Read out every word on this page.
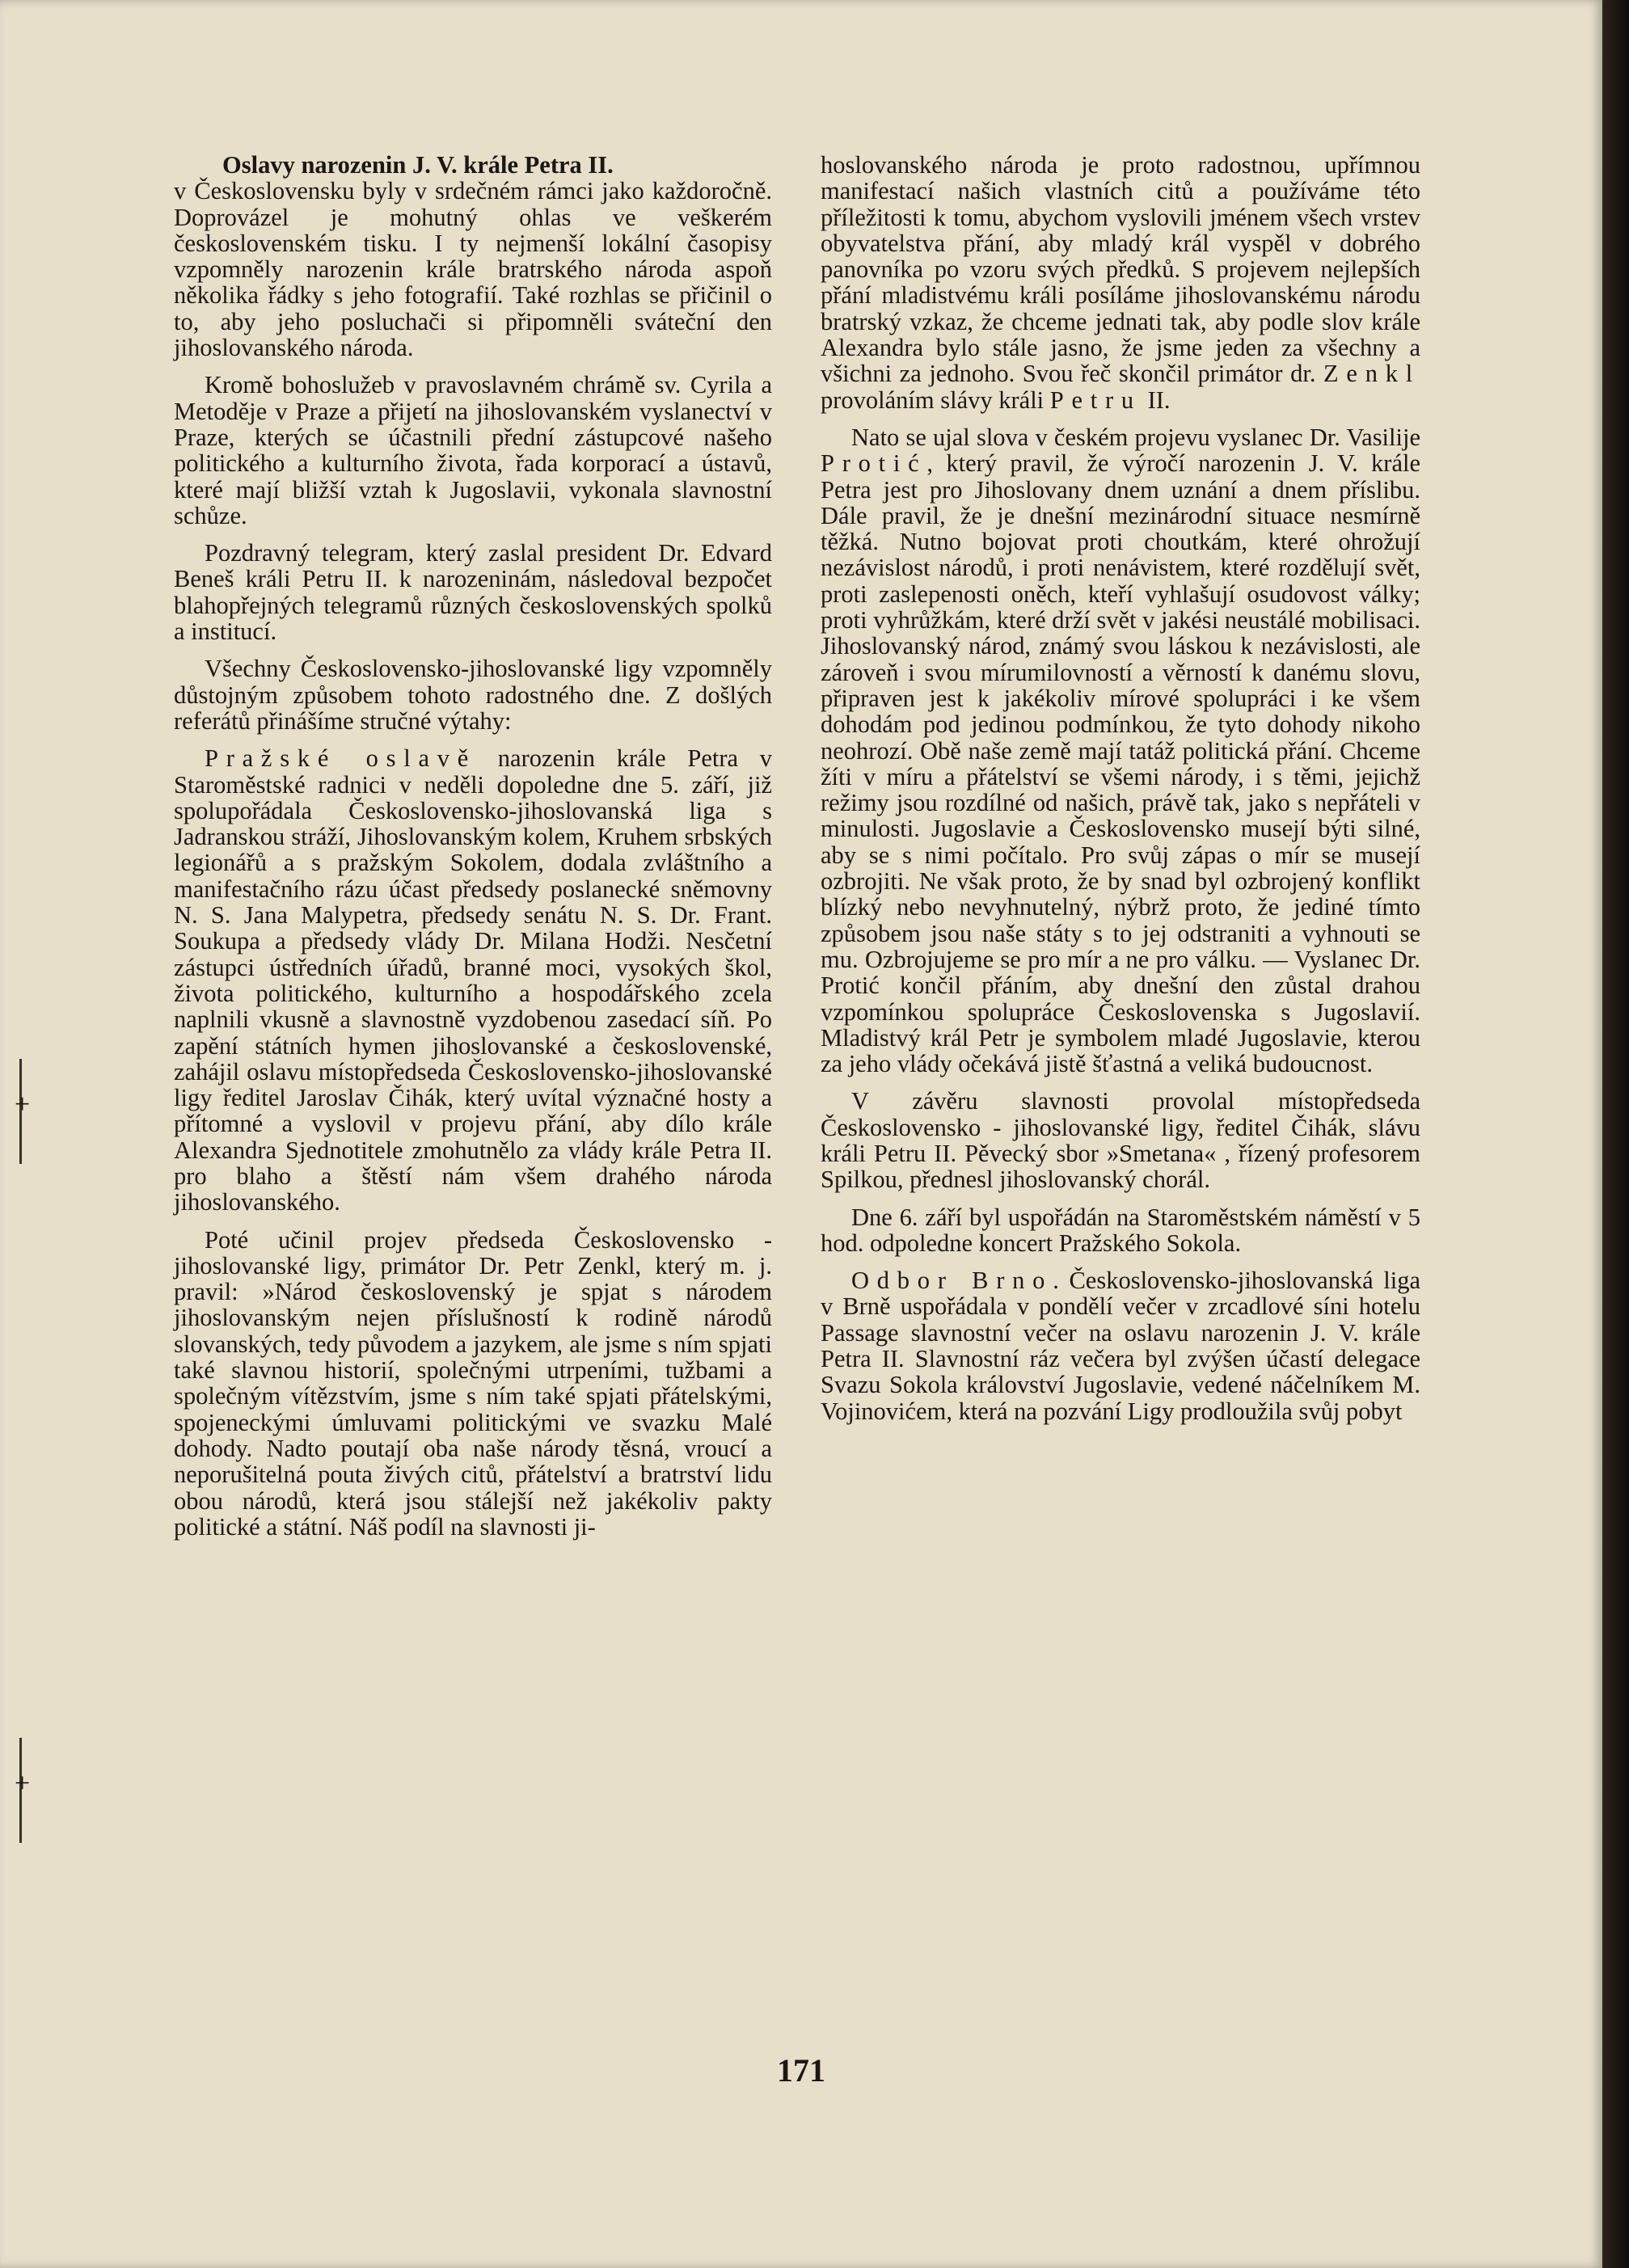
+
+

Oslavy narozenin J. V. krále Petra II.
v Československu byly v srdečném rámci jako každoročně. Doprovázel je mohutný ohlas ve veškerém československém tisku. I ty nejmenší lokální časopisy vzpomněly narozenin krále bratrského národa aspoň několika řádky s jeho fotografií. Také rozhlas se přičinil o to, aby jeho posluchači si připomněli sváteční den jihoslovanského národa.

Kromě bohoslužeb v pravoslavném chrámě sv. Cyrila a Metoděje v Praze a přijetí na jihoslovanském vyslanectví v Praze, kterých se účastnili přední zástupcové našeho politického a kulturního života, řada korporací a ústavů, které mají bližší vztah k Jugoslavii, vykonala slavnostní schůze.

Pozdravný telegram, který zaslal president Dr. Edvard Beneš králi Petru II. k narozeninám, následoval bezpočet blahopřejných telegramů různých československých spolků a institucí.

Všechny Československo-jihoslovanské ligy vzpomněly důstojným způsobem tohoto radostného dne. Z došlých referátů přinášíme stručné výtahy:

Pražské oslavě narozenin krále Petra v Staroměstské radnici v neděli dopoledne dne 5. září, již spolupořádala Československo-jihoslovanská liga s Jadranskou stráží, Jihoslovanským kolem, Kruhem srbských legionářů a s pražským Sokolem, dodala zvláštního a manifestačního rázu účast předsedy poslanecké sněmovny N. S. Jana Malypetra, předsedy senátu N. S. Dr. Frant. Soukupa a předsedy vlády Dr. Milana Hodži. Nesčetní zástupci ústředních úřadů, branné moci, vysokých škol, života politického, kulturního a hospodářského zcela naplnili vkusně a slavnostně vyzdobenou zasedací síň. Po zapění státních hymen jihoslovanské a československé, zahájil oslavu místopředseda Československo-jihoslovanské ligy ředitel Jaroslav Čihák, který uvítal význačné hosty a přítomné a vyslovil v projevu přání, aby dílo krále Alexandra Sjednotitele zmohutnělo za vlády krále Petra II. pro blaho a štěstí nám všem drahého národa jihoslovanského.

Poté učinil projev předseda Československo - jihoslovanské ligy, primátor Dr. Petr Zenkl, který m. j. pravil: »Národ československý je spjat s národem jihoslovanským nejen příslušností k rodině národů slovanských, tedy původem a jazykem, ale jsme s ním spjati také slavnou historií, společnými utrpeními, tužbami a společným vítězstvím, jsme s ním také spjati přátelskými, spojeneckými úmluvami politickými ve svazku Malé dohody. Nadto poutají oba naše národy těsná, vroucí a neporušitelná pouta živých citů, přátelství a bratrství lidu obou národů, která jsou stálejší než jakékoliv pakty politické a státní. Náš podíl na slavnosti ji-

hoslovanského národa je proto radostnou, upřímnou manifestací našich vlastních citů a používáme této příležitosti k tomu, abychom vyslovili jménem všech vrstev obyvatelstva přání, aby mladý král vyspěl v dobrého panovníka po vzoru svých předků. S projevem nejlepších přání mladistvému králi posíláme jihoslovanskému národu bratrský vzkaz, že chceme jednati tak, aby podle slov krále Alexandra bylo stále jasno, že jsme jeden za všechny a všichni za jednoho. Svou řeč skončil primátor dr. Zenkl provoláním slávy králi Petru II.

Nato se ujal slova v českém projevu vyslanec Dr. Vasilije Protić, který pravil, že výročí narozenin J. V. krále Petra jest pro Jihoslovany dnem uznání a dnem příslibu. Dále pravil, že je dnešní mezinárodní situace nesmírně těžká. Nutno bojovat proti choutkám, které ohrožují nezávislost národů, i proti nenávistem, které rozdělují svět, proti zaslepenosti oněch, kteří vyhlašují osudovost války; proti vyhrůžkám, které drží svět v jakési neustálé mobilisaci. Jihoslovanský národ, známý svou láskou k nezávislosti, ale zároveň i svou mírumilovností a věrností k danému slovu, připraven jest k jakékoliv mírové spolupráci i ke všem dohodám pod jedinou podmínkou, že tyto dohody nikoho neohrozí. Obě naše země mají tatáž politická přání. Chceme žíti v míru a přátelství se všemi národy, i s těmi, jejichž režimy jsou rozdílné od našich, právě tak, jako s nepřáteli v minulosti. Jugoslavie a Československo musejí býti silné, aby se s nimi počítalo. Pro svůj zápas o mír se musejí ozbrojiti. Ne však proto, že by snad byl ozbrojený konflikt blízký nebo nevyhnutelný, nýbrž proto, že jediné tímto způsobem jsou naše státy s to jej odstraniti a vyhnouti se mu. Ozbrojujeme se pro mír a ne pro válku. — Vyslanec Dr. Protić končil přáním, aby dnešní den zůstal drahou vzpomínkou spolupráce Československa s Jugoslavií. Mladistvý král Petr je symbolem mladé Jugoslavie, kterou za jeho vlády očekává jistě šťastná a veliká budoucnost.

V závěru slavnosti provolal místopředseda Československo - jihoslovanské ligy, ředitel Čihák, slávu králi Petru II. Pěvecký sbor »Smetana« , řízený profesorem Spilkou, přednesl jihoslovanský chorál.

Dne 6. září byl uspořádán na Staroměstském náměstí v 5 hod. odpoledne koncert Pražského Sokola.

Odbor Brno. Československo-jihoslovanská liga v Brně uspořádala v pondělí večer v zrcadlové síni hotelu Passage slavnostní večer na oslavu narozenin J. V. krále Petra II. Slavnostní ráz večera byl zvýšen účastí delegace Svazu Sokola království Jugoslavie, vedené náčelníkem M. Vojinovićem, která na pozvání Ligy prodloužila svůj pobyt

171
